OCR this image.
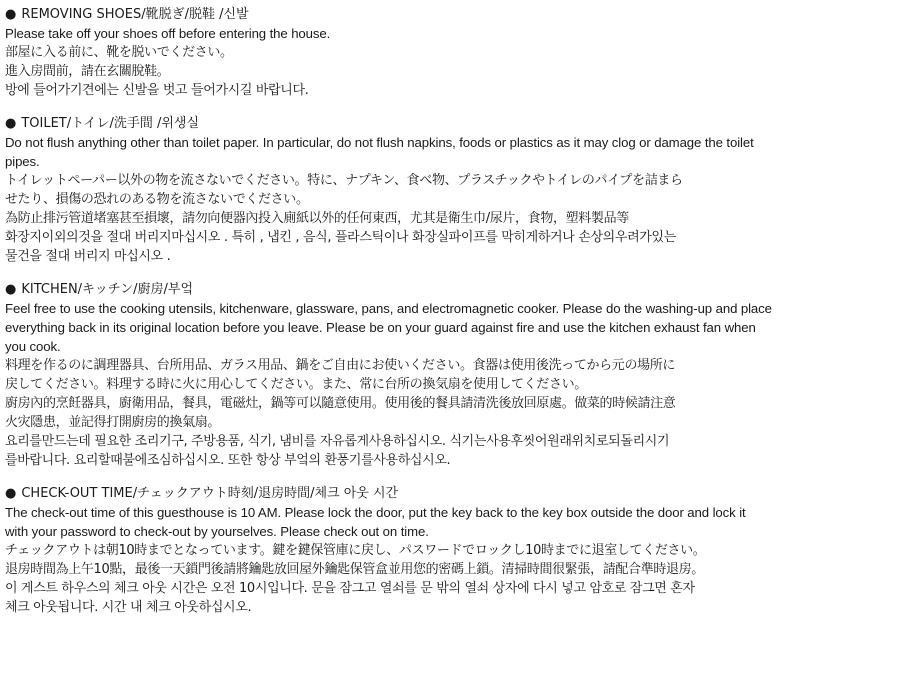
● REMOVING SHOES/靴脱ぎ/脱鞋 /신발
Please take off your shoes off before entering the house.
部屋に入る前に、靴を脱いでください。
進入房間前，請在玄關脫鞋。
방에 들어가기견에는 신발을 벗고 들어가시길 바랍니다.
● TOILET/トイレ/洗手間 /위생실
Do not flush anything other than toilet paper. In particular, do not flush napkins, foods or plastics as it may clog or damage the toilet
pipes.
トイレットペーパー以外の物を流さないでください。特に、ナプキン、食べ物、プラスチックやトイレのパイプを詰まら
せたり、損傷の恐れのある物を流さないでください。
為防止排污管道堵塞甚至損壞，請勿向便器內投入廁紙以外的任何東西，尤其是衛生巾/尿片，食物，塑料製品等
화장지이외의것을 절대 버리지마십시오 . 특히 , 냅킨 , 음식, 플라스틱이나 화장실파이프를 막히게하거나 손상의우려가있는
물건을 절대 버리지 마십시오 .
● KITCHEN/キッチン/廚房/부엌
Feel free to use the cooking utensils, kitchenware, glassware, pans, and electromagnetic cooker. Please do the washing-up and place
everything back in its original location before you leave. Please be on your guard against fire and use the kitchen exhaust fan when
you cook.
料理を作るのに調理器具、台所用品、ガラス用品、鍋をご自由にお使いください。食器は使用後洗ってから元の場所に
戻してください。料理する時に火に用心してください。また、常に台所の換気扇を使用してください。
廚房內的烹飪器具，廚衛用品，餐具，電磁灶，鍋等可以隨意使用。使用後的餐具請清洗後放回原處。做菜的時候請注意
火灾隱患，並記得打開廚房的換氣扇。
요리를만드는데 필요한 조리기구, 주방용품, 식기, 냄비를 자유롭게사용하십시오. 식기는사용후씻어원래위치로되돌리시기
를바랍니다. 요리할때불에조심하십시오. 또한 항상 부엌의 환풍기를사용하십시오.
● CHECK-OUT TIME/チェックアウト時刻/退房時間/체크 아웃 시간
The check-out time of this guesthouse is 10 AM. Please lock the door, put the key back to the key box outside the door and lock it
with your password to check-out by yourselves. Please check out on time.
チェックアウトは朝10時までとなっています。鍵を鍵保管庫に戻し、パスワードでロックし10時までに退室してください。
退房時間為上午10點，最後一天鎖門後請將鑰匙放回屋外鑰匙保管盒並用您的密碼上鎖。清掃時間很緊張，請配合準時退房。
이 게스트 하우스의 체크 아웃 시간은 오전 10시입니다. 문을 잠그고 열쇠를 문 밖의 열쇠 상자에 다시 넣고 암호로 잠그면 혼자
체크 아웃됩니다. 시간 내 체크 아웃하십시오.
